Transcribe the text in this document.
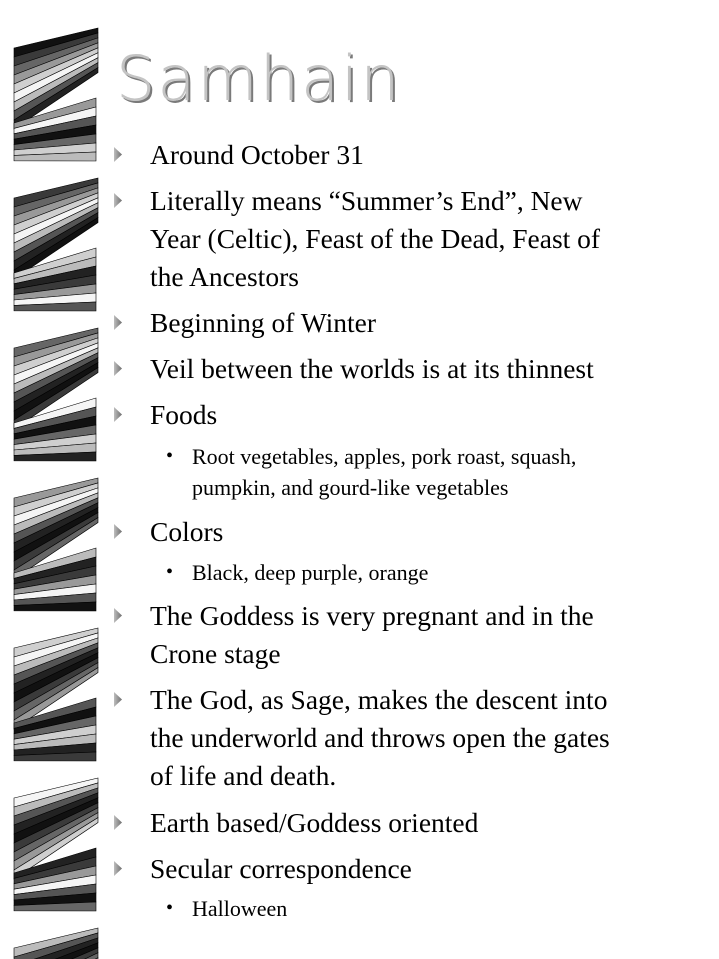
Samhain
Around October 31
Literally means “Summer’s End”, New
Year (Celtic), Feast of the Dead, Feast of
the Ancestors
Beginning of Winter
Veil between the worlds is at its thinnest
Foods
• Root vegetables, apples, pork roast, squash,
pumpkin, and gourd-like vegetables
Colors
• Black, deep purple, orange
The Goddess is very pregnant and in the
Crone stage
The God, as Sage, makes the descent into
the underworld and throws open the gates
of life and death.
Earth based/Goddess oriented
Secular correspondence
• Halloween
